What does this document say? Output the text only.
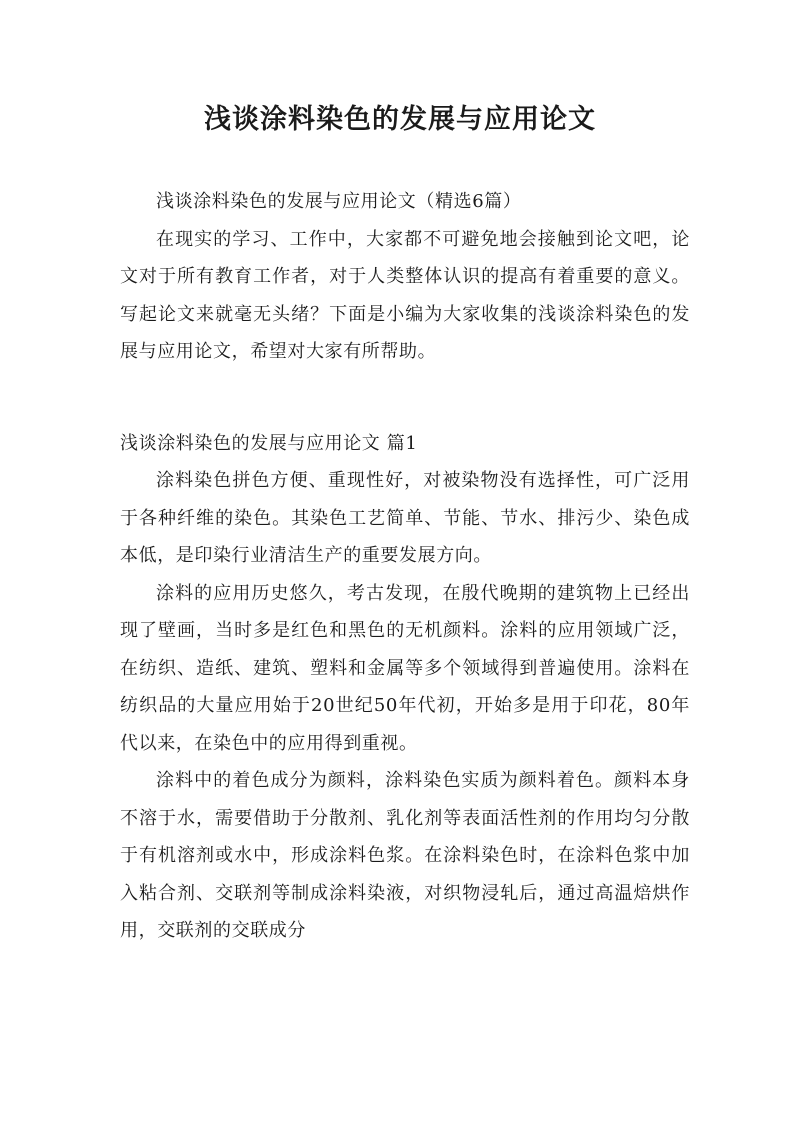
浅谈涂料染色的发展与应用论文

浅谈涂料染色的发展与应用论文（精选6篇）

在现实的学习、工作中，大家都不可避免地会接触到论文吧，论文对于所有教育工作者，对于人类整体认识的提高有着重要的意义。写起论文来就毫无头绪？下面是小编为大家收集的浅谈涂料染色的发展与应用论文，希望对大家有所帮助。

浅谈涂料染色的发展与应用论文 篇1

涂料染色拼色方便、重现性好，对被染物没有选择性，可广泛用于各种纤维的染色。其染色工艺简单、节能、节水、排污少、染色成本低，是印染行业清洁生产的重要发展方向。

涂料的应用历史悠久，考古发现，在殷代晚期的建筑物上已经出现了壁画，当时多是红色和黑色的无机颜料。涂料的应用领域广泛，在纺织、造纸、建筑、塑料和金属等多个领域得到普遍使用。涂料在纺织品的大量应用始于20世纪50年代初，开始多是用于印花，80年代以来，在染色中的应用得到重视。

涂料中的着色成分为颜料，涂料染色实质为颜料着色。颜料本身不溶于水，需要借助于分散剂、乳化剂等表面活性剂的作用均匀分散于有机溶剂或水中，形成涂料色浆。在涂料染色时，在涂料色浆中加入粘合剂、交联剂等制成涂料染液，对织物浸轧后，通过高温焙烘作用，交联剂的交联成分
